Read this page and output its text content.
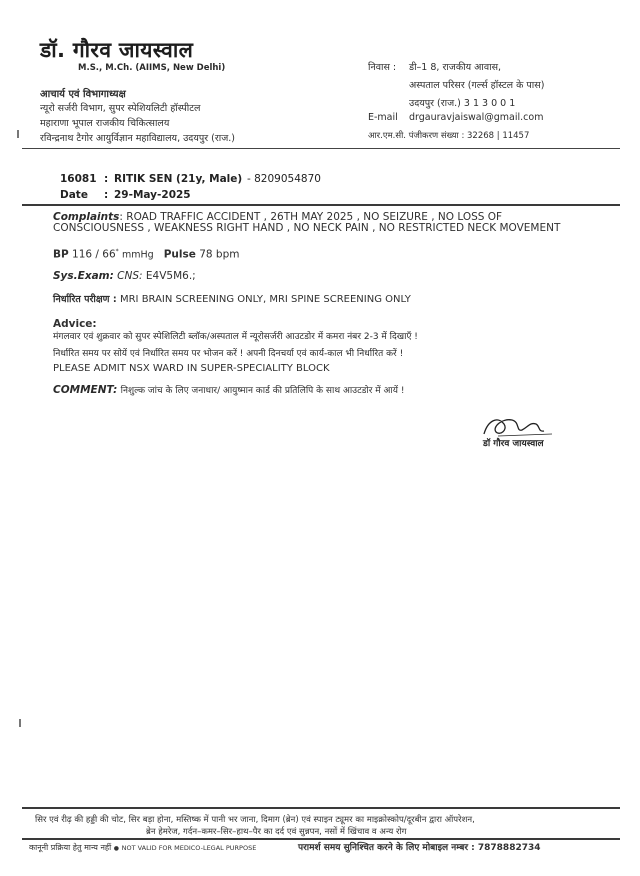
डॉ. गौरव जायस्वाल
M.S., M.Ch. (AIIMS, New Delhi)
आचार्य एवं विभागाध्यक्ष
न्यूरो सर्जरी विभाग, सुपर स्पेशियलिटी हॉस्पीटल
महाराणा भूपाल राजकीय चिकित्सालय
रविन्द्रनाथ टैगोर आयुर्विज्ञान महाविद्यालय, उदयपुर (राज.)
निवास : डी–1 8, राजकीय आवास,
अस्पताल परिसर (गर्ल्स हॉस्टल के पास)
उदयपुर (राज.) 3 1 3 0 0 1
E-mail drgauravjaiswal@gmail.com
आर.एम.सी. पंजीकरण संख्या : 32268 | 11457
16081 : RITIK SEN (21y, Male) - 8209054870
Date : 29-May-2025
Complaints: ROAD TRAFFIC ACCIDENT , 26TH MAY 2025 , NO SEIZURE , NO LOSS OF
CONSCIOUSNESS , WEAKNESS RIGHT HAND , NO NECK PAIN , NO RESTRICTED NECK MOVEMENT
BP 116 / 66* mmHg Pulse 78 bpm
Sys.Exam: CNS: E4V5M6.;
निर्धारित परीक्षण : MRI BRAIN SCREENING ONLY, MRI SPINE SCREENING ONLY
Advice:
मंगलवार एवं शुक्रवार को सुपर स्पेशिलिटी ब्लॉक/अस्पताल में न्यूरोसर्जरी आउटडोर में कमरा नंबर 2-3 में दिखाएँ !
निर्धारित समय पर सोयें एवं निर्धारित समय पर भोजन करें ! अपनी दिनचर्या एवं कार्य-काल भी निर्धारित करें !
PLEASE ADMIT NSX WARD IN SUPER-SPECIALITY BLOCK
COMMENT: निशुल्क जांच के लिए जनाधार/ आयुष्मान कार्ड की प्रतिलिपि के साथ आउटडोर में आयें !
डॉ गौरव जायस्वाल
सिर एवं रीढ़ की हड्डी की चोट, सिर बड़ा होना, मस्तिष्क में पानी भर जाना, दिमाग (ब्रेन) एवं स्पाइन ट्यूमर का माइक्रोस्कोप/दूरबीन द्वारा ऑपरेशन,
ब्रेन हेमरेज, गर्दन–कमर–सिर–हाथ–पैर का दर्द एवं सुन्नपन, नसों में खिंचाव व अन्य रोग
कानूनी प्रक्रिया हेतु मान्य नहीं ● NOT VALID FOR MEDICO-LEGAL PURPOSE	परामर्श समय सुनिश्चित करने के लिए मोबाइल नम्बर : 7878882734
